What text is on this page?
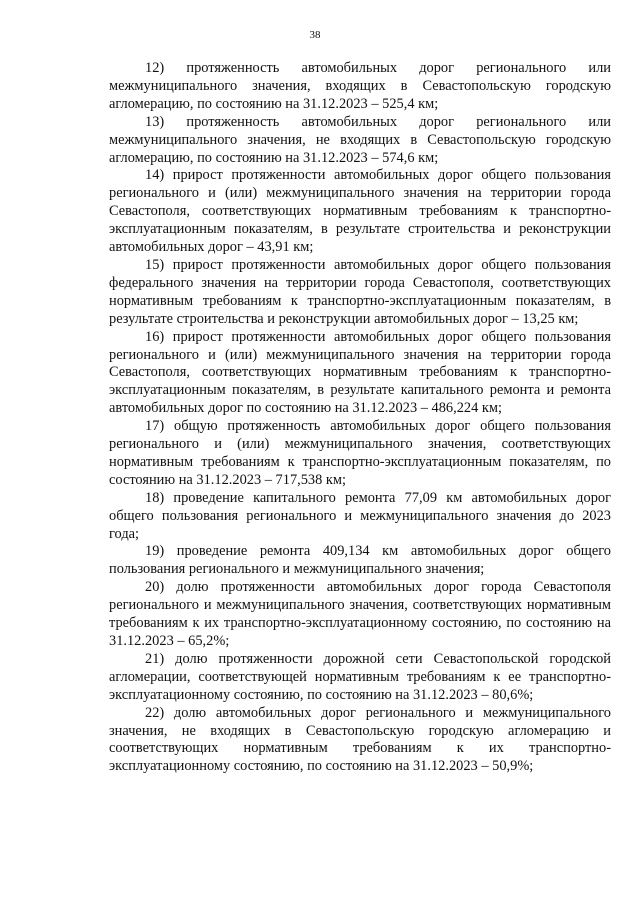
38

12) протяженность автомобильных дорог регионального или межмуниципального значения, входящих в Севастопольскую городскую агломерацию, по состоянию на 31.12.2023 – 525,4 км;

13) протяженность автомобильных дорог регионального или межмуниципального значения, не входящих в Севастопольскую городскую агломерацию, по состоянию на 31.12.2023 – 574,6 км;

14) прирост протяженности автомобильных дорог общего пользования регионального и (или) межмуниципального значения на территории города Севастополя, соответствующих нормативным требованиям к транспортно-эксплуатационным показателям, в результате строительства и реконструкции автомобильных дорог – 43,91 км;

15) прирост протяженности автомобильных дорог общего пользования федерального значения на территории города Севастополя, соответствующих нормативным требованиям к транспортно-эксплуатационным показателям, в результате строительства и реконструкции автомобильных дорог – 13,25 км;

16) прирост протяженности автомобильных дорог общего пользования регионального и (или) межмуниципального значения на территории города Севастополя, соответствующих нормативным требованиям к транспортно-эксплуатационным показателям, в результате капитального ремонта и ремонта автомобильных дорог по состоянию на 31.12.2023 – 486,224 км;

17) общую протяженность автомобильных дорог общего пользования регионального и (или) межмуниципального значения, соответствующих нормативным требованиям к транспортно-эксплуатационным показателям, по состоянию на 31.12.2023 – 717,538 км;

18) проведение капитального ремонта 77,09 км автомобильных дорог общего пользования регионального и межмуниципального значения до 2023 года;

19) проведение ремонта 409,134 км автомобильных дорог общего пользования регионального и межмуниципального значения;

20) долю протяженности автомобильных дорог города Севастополя регионального и межмуниципального значения, соответствующих нормативным требованиям к их транспортно-эксплуатационному состоянию, по состоянию на 31.12.2023 – 65,2%;

21) долю протяженности дорожной сети Севастопольской городской агломерации, соответствующей нормативным требованиям к ее транспортно-эксплуатационному состоянию, по состоянию на 31.12.2023 – 80,6%;

22) долю автомобильных дорог регионального и межмуниципального значения, не входящих в Севастопольскую городскую агломерацию и соответствующих нормативным требованиям к их транспортно-эксплуатационному состоянию, по состоянию на 31.12.2023 – 50,9%;
